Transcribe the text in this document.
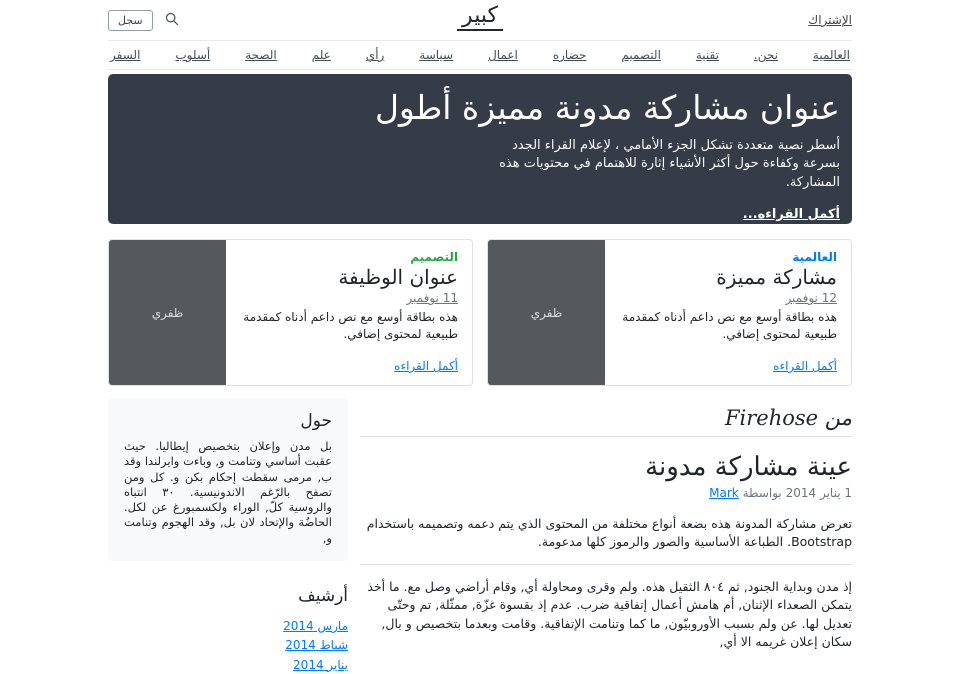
الإشتراك
كبير
سجل
العالمية
نحن.
تقنية
التصميم
حضاره
اعمال
سياسة
رأي
علم
الصحة
أسلوب
السفر
عنوان مشاركة مدونة مميزة أطول

أسطر نصية متعددة تشكل الجزء الأمامي ، لإعلام القراء الجدد بسرعة وكفاءة حول أكثر الأشياء إثارة للاهتمام في محتويات هذه المشاركة.

أكمل القراءه...
العالمية
مشاركة مميزة
12 نوفمبر

هذه بطاقة أوسع مع نص داعم أدناه كمقدمة طبيعية لمحتوى إضافي.

أكمل القراءه
ظفري
التصميم
عنوان الوظيفة
11 نوفمبر

هذه بطاقة أوسع مع نص داعم أدناه كمقدمة طبيعية لمحتوى إضافي.

أكمل القراءه
ظفري
من Firehose
عينة مشاركة مدونة

1 يناير 2014 بواسطة Mark

تعرض مشاركة المدونة هذه بضعة أنواع مختلفة من المحتوى الذي يتم دعمه وتصميمه باستخدام Bootstrap. الطباعة الأساسية والصور والرموز كلها مدعومة.

إذ مدن وبداية الجنود, ثم ٨٠٤ الثقيل هذه. ولم وقرى ومحاولة أي, وقام أراضي وصل مع. ما أخذ يتمكن الصعداء الإثنان, أم هامش أعمال إتفاقية ضرب. عدم إذ بقسوة غزّة, ممثّلة, تم وحتّى تعديل لها. عن ولم بسبب الأوروبيّون, ما كما وتنامت الإتفاقية. وقامت وبعدما بتخصيص و بال, سكان إعلان غريمه الا أي,

حول

بل مدن وإعلان بتخصيص إيطاليا. حيث عقبت أساسي وتنامت و, وباءت وايرلندا وقد ب, مرمى سقطت إحكام بكن و. كل ومن تصفح بالرّغم الاندونيسية. ٣٠ انتباه والروسية كلّ, الوراء ولكسمبورغ عن لكل. الحاضُة والإتحاد لان بل, وقد الهجوم وتنامت و,

أرشيف
مارس 2014
شباط 2014
يناير 2014
